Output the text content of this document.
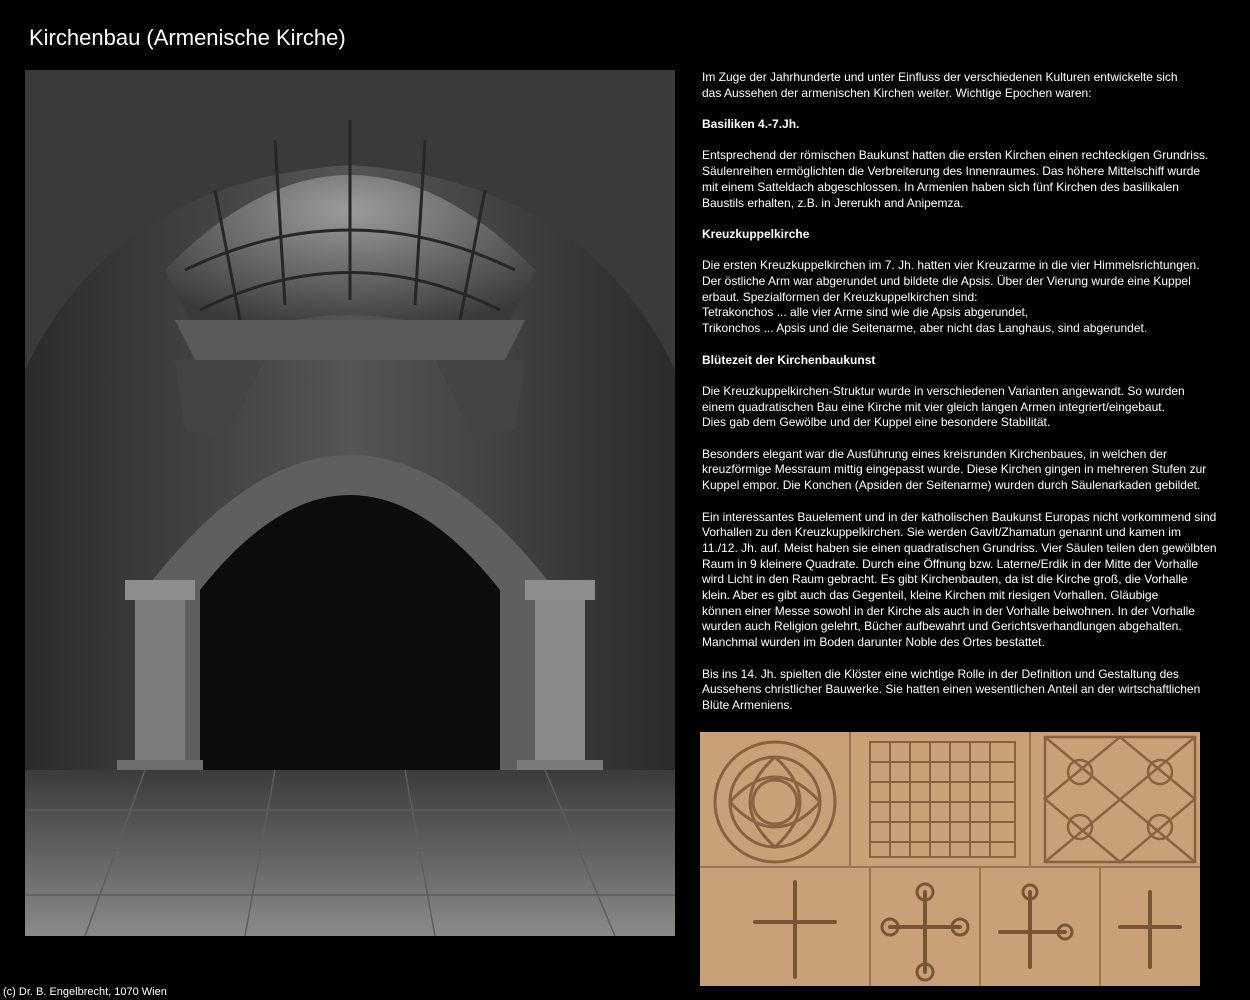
Kirchenbau (Armenische Kirche)

Im Zuge der Jahrhunderte und unter Einfluss der verschiedenen Kulturen entwickelte sich
das Aussehen der armenischen Kirchen weiter. Wichtige Epochen waren:

Basiliken 4.-7.Jh.

Entsprechend der römischen Baukunst hatten die ersten Kirchen einen rechteckigen Grundriss.
Säulenreihen ermöglichten die Verbreiterung des Innenraumes. Das höhere Mittelschiff wurde
mit einem Satteldach abgeschlossen. In Armenien haben sich fünf Kirchen des basilikalen
Baustils erhalten, z.B. in Jererukh and Anipemza.

Kreuzkuppelkirche

Die ersten Kreuzkuppelkirchen im 7. Jh. hatten vier Kreuzarme in die vier Himmelsrichtungen.
Der östliche Arm war abgerundet und bildete die Apsis. Über der Vierung wurde eine Kuppel
erbaut. Spezialformen der Kreuzkuppelkirchen sind:
Tetrakonchos ... alle vier Arme sind wie die Apsis abgerundet,
Trikonchos ... Apsis und die Seitenarme, aber nicht das Langhaus, sind abgerundet.

Blütezeit der Kirchenbaukunst

Die Kreuzkuppelkirchen-Struktur wurde in verschiedenen Varianten angewandt. So wurden
einem quadratischen Bau eine Kirche mit vier gleich langen Armen integriert/eingebaut.
Dies gab dem Gewölbe und der Kuppel eine besondere Stabilität.

Besonders elegant war die Ausführung eines kreisrunden Kirchenbaues, in welchen der
kreuzförmige Messraum mittig eingepasst wurde. Diese Kirchen gingen in mehreren Stufen zur
Kuppel empor. Die Konchen (Apsiden der Seitenarme) wurden durch Säulenarkaden gebildet.

Ein interessantes Bauelement und in der katholischen Baukunst Europas nicht vorkommend sind
Vorhallen zu den Kreuzkuppelkirchen. Sie werden Gavit/Zhamatun genannt und kamen im
11./12. Jh. auf. Meist haben sie einen quadratischen Grundriss. Vier Säulen teilen den gewölbten
Raum in 9 kleinere Quadrate. Durch eine Öffnung bzw. Laterne/Erdik in der Mitte der Vorhalle
wird Licht in den Raum gebracht. Es gibt Kirchenbauten, da ist die Kirche groß, die Vorhalle
klein. Aber es gibt auch das Gegenteil, kleine Kirchen mit riesigen Vorhallen. Gläubige
können einer Messe sowohl in der Kirche als auch in der Vorhalle beiwohnen. In der Vorhalle
wurden auch Religion gelehrt, Bücher aufbewahrt und Gerichtsverhandlungen abgehalten.
Manchmal wurden im Boden darunter Noble des Ortes bestattet.

Bis ins 14. Jh. spielten die Klöster eine wichtige Rolle in der Definition und Gestaltung des
Aussehens christlicher Bauwerke. Sie hatten einen wesentlichen Anteil an der wirtschaftlichen
Blüte Armeniens.

(c) Dr. B. Engelbrecht, 1070 Wien
